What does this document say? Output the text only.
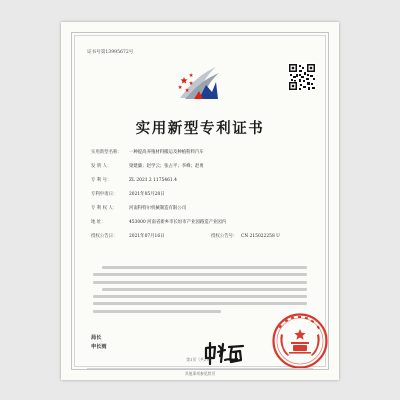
证书号第13995672号
实用新型专利证书
实用新型名称： 一种提高养殖材料搬运及种植粉料汽车
发 明 人：	梁建廉；赵学云；张占平；李峰；赵勇
专 利 号：	ZL 2021 2 1175461.4
专利申请日：	2021年05月28日
专 利 权 人：	河南科特尔机械制造有限公司
地 址：	453000 河南省新乡市长垣市产业园路造产业园内
授权公告日：	2021年07月16日	授权公告号： CN 215022258 U
局长
申长雨
第1页（共2页）
其他事项参见续页
